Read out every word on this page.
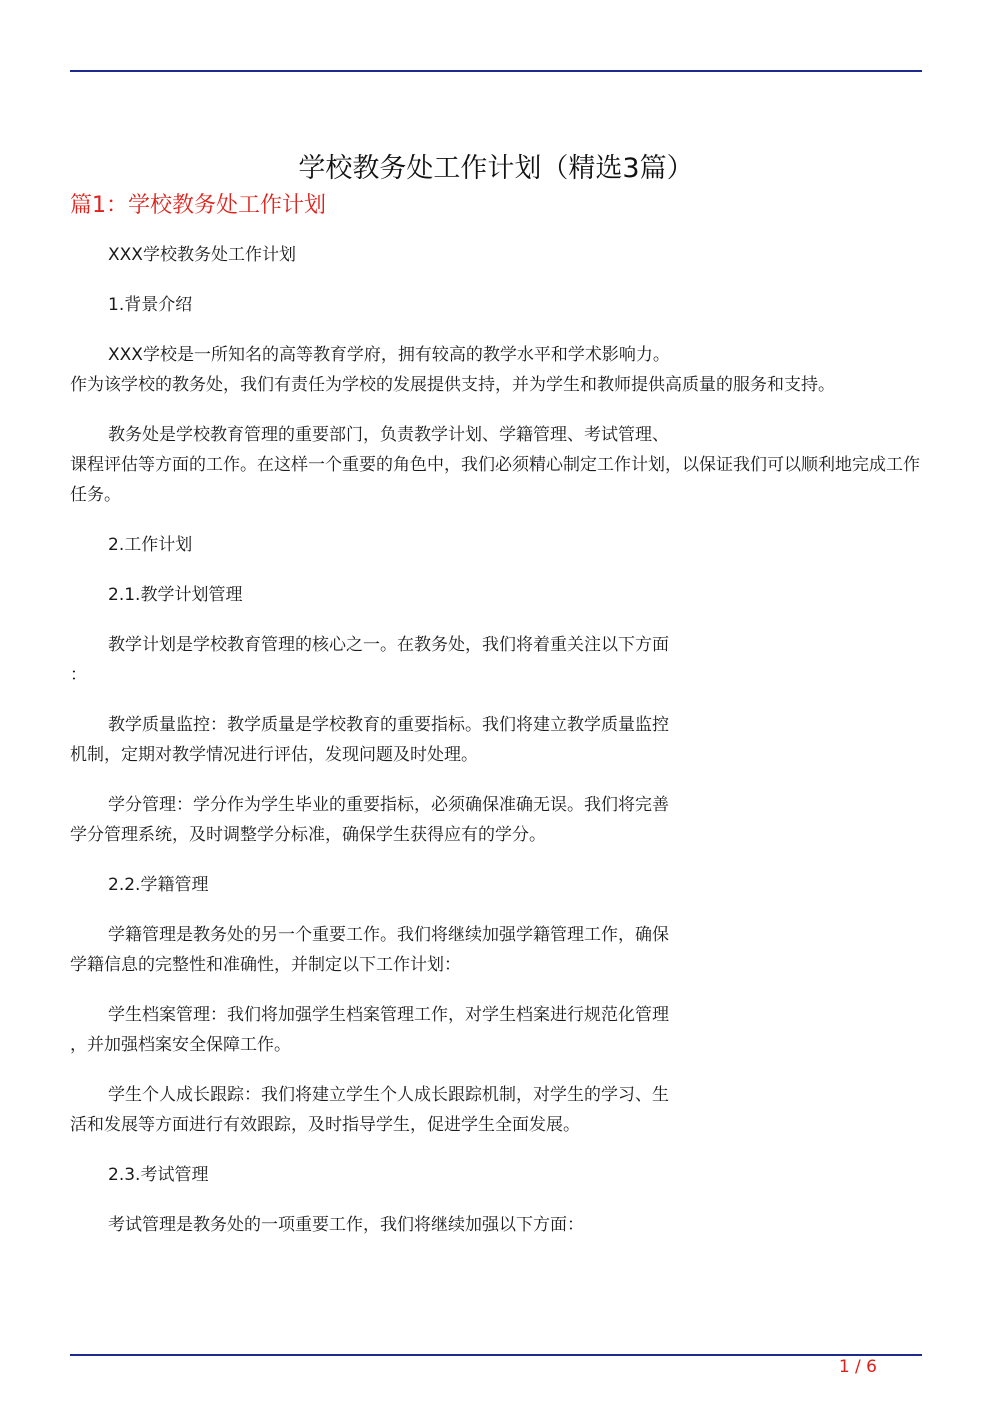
学校教务处工作计划（精选3篇）
篇1：学校教务处工作计划

XXX学校教务处工作计划

1.背景介绍

XXX学校是一所知名的高等教育学府，拥有较高的教学水平和学术影响力。
作为该学校的教务处，我们有责任为学校的发展提供支持，并为学生和教师提供高质量的服务和支持。

教务处是学校教育管理的重要部门，负责教学计划、学籍管理、考试管理、
课程评估等方面的工作。在这样一个重要的角色中，我们必须精心制定工作计划，以保证我们可以顺利地完成工作任务。

2.工作计划

2.1.教学计划管理

教学计划是学校教育管理的核心之一。在教务处，我们将着重关注以下方面
：

教学质量监控：教学质量是学校教育的重要指标。我们将建立教学质量监控
机制，定期对教学情况进行评估，发现问题及时处理。

学分管理：学分作为学生毕业的重要指标，必须确保准确无误。我们将完善
学分管理系统，及时调整学分标准，确保学生获得应有的学分。

2.2.学籍管理

学籍管理是教务处的另一个重要工作。我们将继续加强学籍管理工作，确保
学籍信息的完整性和准确性，并制定以下工作计划：

学生档案管理：我们将加强学生档案管理工作，对学生档案进行规范化管理
，并加强档案安全保障工作。

学生个人成长跟踪：我们将建立学生个人成长跟踪机制，对学生的学习、生
活和发展等方面进行有效跟踪，及时指导学生，促进学生全面发展。

2.3.考试管理

考试管理是教务处的一项重要工作，我们将继续加强以下方面：

1 / 6
